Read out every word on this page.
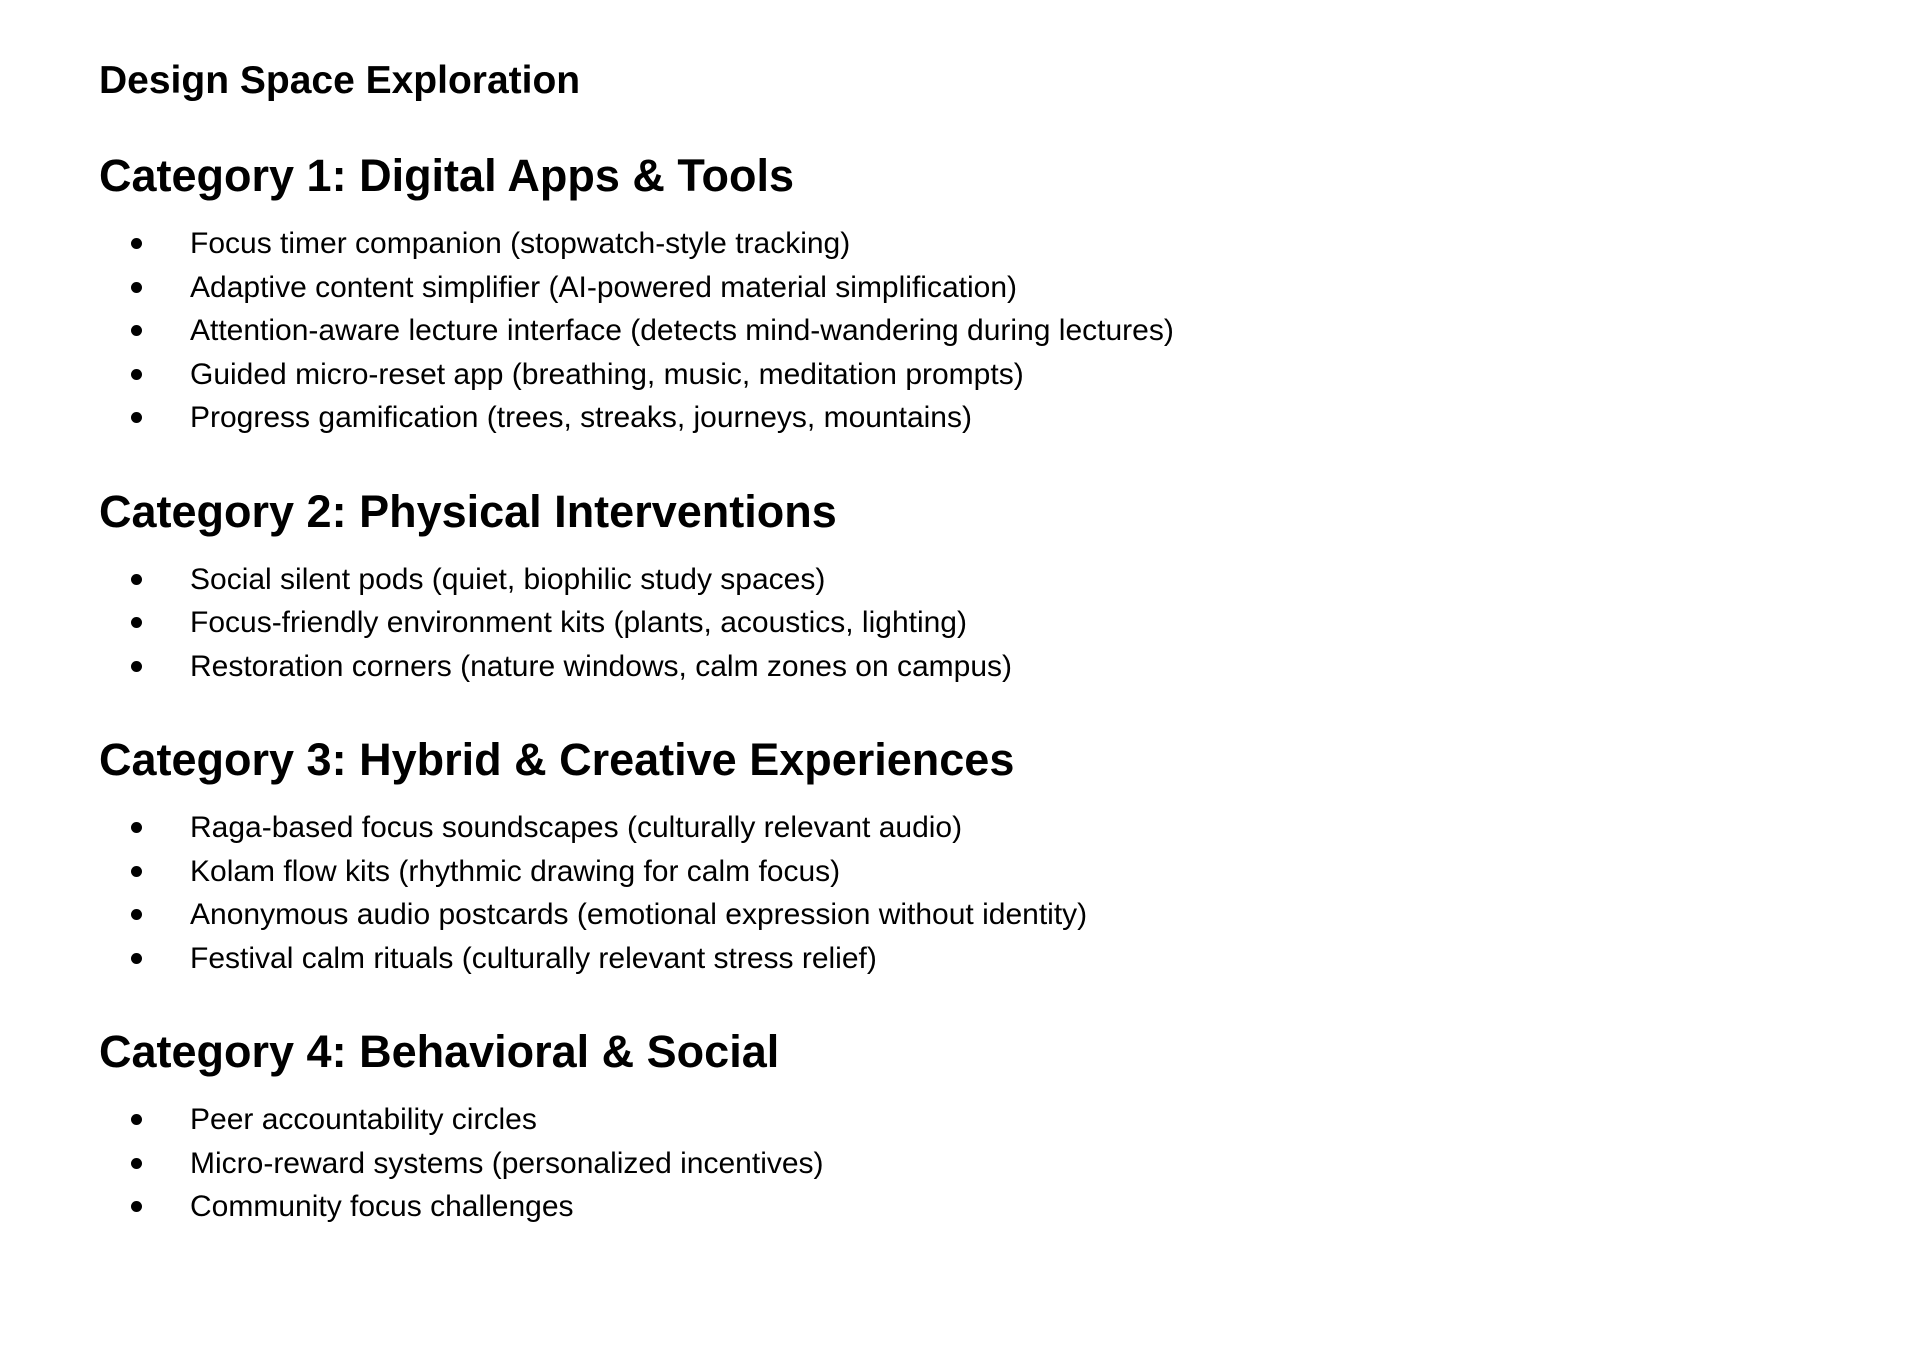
Design Space Exploration
Category 1: Digital Apps & Tools
Focus timer companion (stopwatch-style tracking)
Adaptive content simplifier (AI-powered material simplification)
Attention-aware lecture interface (detects mind-wandering during lectures)
Guided micro-reset app (breathing, music, meditation prompts)
Progress gamification (trees, streaks, journeys, mountains)
Category 2: Physical Interventions
Social silent pods (quiet, biophilic study spaces)
Focus-friendly environment kits (plants, acoustics, lighting)
Restoration corners (nature windows, calm zones on campus)
Category 3: Hybrid & Creative Experiences
Raga-based focus soundscapes (culturally relevant audio)
Kolam flow kits (rhythmic drawing for calm focus)
Anonymous audio postcards (emotional expression without identity)
Festival calm rituals (culturally relevant stress relief)
Category 4: Behavioral & Social
Peer accountability circles
Micro-reward systems (personalized incentives)
Community focus challenges
